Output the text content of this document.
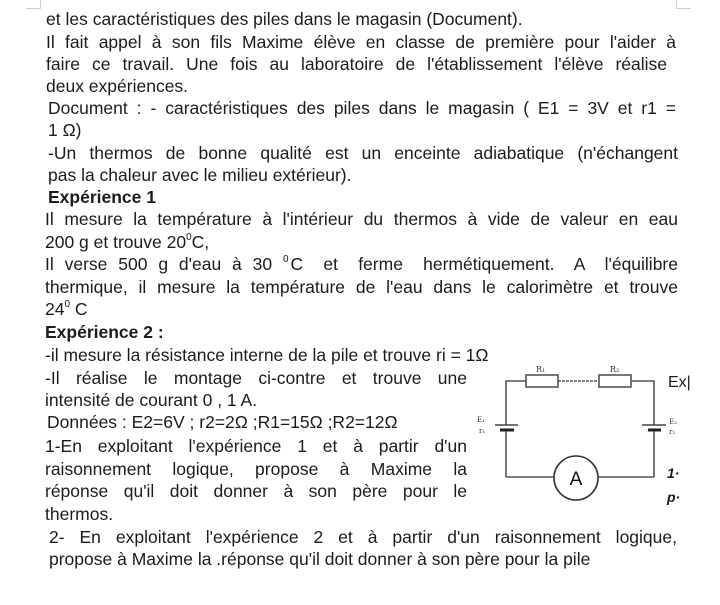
et les caractéristiques des piles dans le magasin (Document).
Il fait appel à son fils Maxime élève en classe de première pour l'aider à
faire ce travail. Une fois au laboratoire de l'établissement l'élève réalise
deux expériences.
Document : - caractéristiques des piles dans le magasin ( E1 = 3V et r1 =
1 Ω)
-Un thermos de bonne qualité est un enceinte adiabatique (n'échangent
pas la chaleur avec le milieu extérieur).
Expérience 1
Il mesure la température à l'intérieur du thermos à vide de valeur en eau
200 g et trouve $20^0C$,
Il verse 500 g d'eau à 30 $^0$ C et ferme hermétiquement. A l'équilibre
thermique, il mesure la température de l'eau dans le calorimètre et trouve
$24^0$ C
Expérience 2 :
-il mesure la résistance interne de la pile et trouve ri = 1Ω
-Il réalise le montage ci-contre et trouve une
intensité de courant 0 , 1 A.
Données : E2=6V ; r2=2Ω ;R1=15Ω ;R2=12Ω
1-En exploitant l'expérience 1 et à partir d'un
raisonnement logique, propose à Maxime la
réponse qu'il doit donner à son père pour le
thermos.
2- En exploitant l'expérience 2 et à partir d'un raisonnement logique,
propose à Maxime la .réponse qu'il doit donner à son père pour la pile
Ex|
1·
p·
A
R₁	R₂
E₁
r₁
E₂
r₂
